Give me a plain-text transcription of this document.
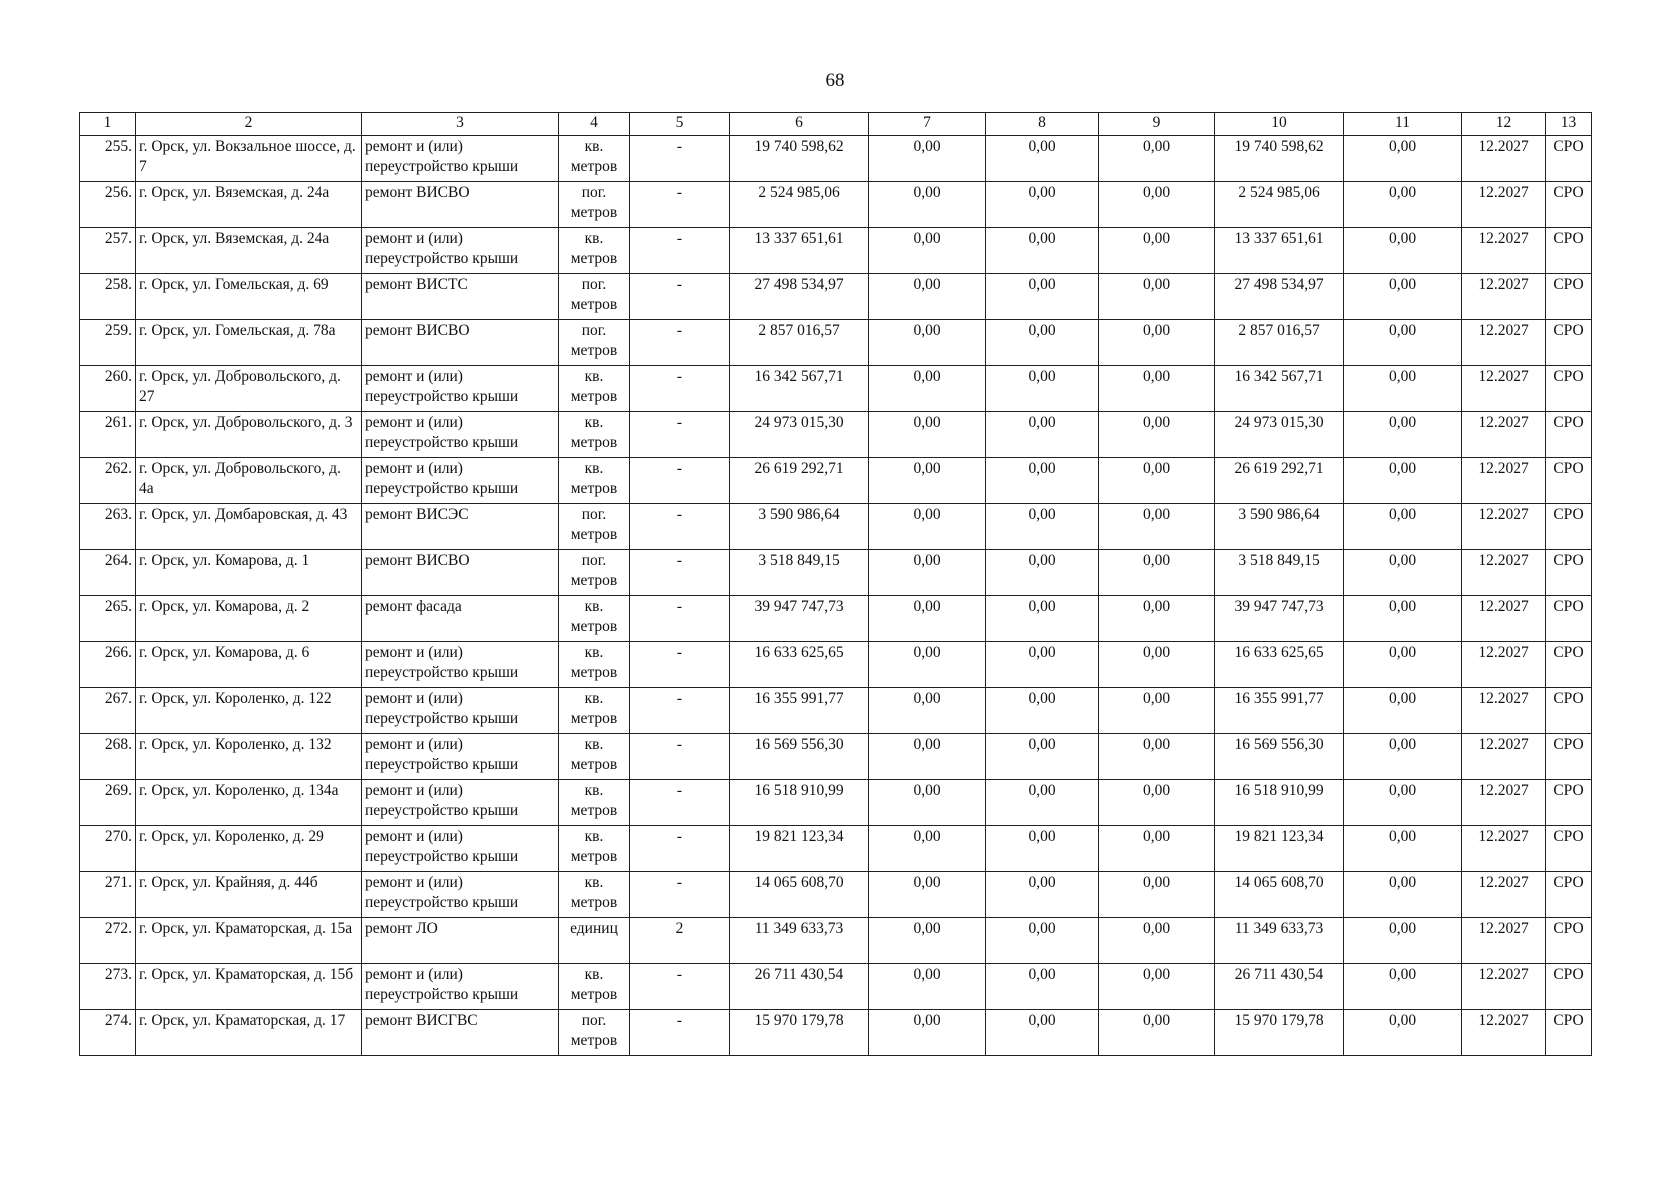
68
1	2	3	4	5	6	7	8	9	10	11	12	13
255.	г. Орск, ул. Вокзальное шоссе, д. 7	ремонт и (или) переустройство крыши	кв. метров	-	19 740 598,62	0,00	0,00	0,00	19 740 598,62	0,00	12.2027	СРО
256.	г. Орск, ул. Вяземская, д. 24а	ремонт ВИСВО	пог. метров	-	2 524 985,06	0,00	0,00	0,00	2 524 985,06	0,00	12.2027	СРО
257.	г. Орск, ул. Вяземская, д. 24а	ремонт и (или) переустройство крыши	кв. метров	-	13 337 651,61	0,00	0,00	0,00	13 337 651,61	0,00	12.2027	СРО
258.	г. Орск, ул. Гомельская, д. 69	ремонт ВИСТС	пог. метров	-	27 498 534,97	0,00	0,00	0,00	27 498 534,97	0,00	12.2027	СРО
259.	г. Орск, ул. Гомельская, д. 78а	ремонт ВИСВО	пог. метров	-	2 857 016,57	0,00	0,00	0,00	2 857 016,57	0,00	12.2027	СРО
260.	г. Орск, ул. Добровольского, д. 27	ремонт и (или) переустройство крыши	кв. метров	-	16 342 567,71	0,00	0,00	0,00	16 342 567,71	0,00	12.2027	СРО
261.	г. Орск, ул. Добровольского, д. 3	ремонт и (или) переустройство крыши	кв. метров	-	24 973 015,30	0,00	0,00	0,00	24 973 015,30	0,00	12.2027	СРО
262.	г. Орск, ул. Добровольского, д. 4а	ремонт и (или) переустройство крыши	кв. метров	-	26 619 292,71	0,00	0,00	0,00	26 619 292,71	0,00	12.2027	СРО
263.	г. Орск, ул. Домбаровская, д. 43	ремонт ВИСЭС	пог. метров	-	3 590 986,64	0,00	0,00	0,00	3 590 986,64	0,00	12.2027	СРО
264.	г. Орск, ул. Комарова, д. 1	ремонт ВИСВО	пог. метров	-	3 518 849,15	0,00	0,00	0,00	3 518 849,15	0,00	12.2027	СРО
265.	г. Орск, ул. Комарова, д. 2	ремонт фасада	кв. метров	-	39 947 747,73	0,00	0,00	0,00	39 947 747,73	0,00	12.2027	СРО
266.	г. Орск, ул. Комарова, д. 6	ремонт и (или) переустройство крыши	кв. метров	-	16 633 625,65	0,00	0,00	0,00	16 633 625,65	0,00	12.2027	СРО
267.	г. Орск, ул. Короленко, д. 122	ремонт и (или) переустройство крыши	кв. метров	-	16 355 991,77	0,00	0,00	0,00	16 355 991,77	0,00	12.2027	СРО
268.	г. Орск, ул. Короленко, д. 132	ремонт и (или) переустройство крыши	кв. метров	-	16 569 556,30	0,00	0,00	0,00	16 569 556,30	0,00	12.2027	СРО
269.	г. Орск, ул. Короленко, д. 134а	ремонт и (или) переустройство крыши	кв. метров	-	16 518 910,99	0,00	0,00	0,00	16 518 910,99	0,00	12.2027	СРО
270.	г. Орск, ул. Короленко, д. 29	ремонт и (или) переустройство крыши	кв. метров	-	19 821 123,34	0,00	0,00	0,00	19 821 123,34	0,00	12.2027	СРО
271.	г. Орск, ул. Крайняя, д. 44б	ремонт и (или) переустройство крыши	кв. метров	-	14 065 608,70	0,00	0,00	0,00	14 065 608,70	0,00	12.2027	СРО
272.	г. Орск, ул. Краматорская, д. 15а	ремонт ЛО	единиц	2	11 349 633,73	0,00	0,00	0,00	11 349 633,73	0,00	12.2027	СРО
273.	г. Орск, ул. Краматорская, д. 15б	ремонт и (или) переустройство крыши	кв. метров	-	26 711 430,54	0,00	0,00	0,00	26 711 430,54	0,00	12.2027	СРО
274.	г. Орск, ул. Краматорская, д. 17	ремонт ВИСГВС	пог. метров	-	15 970 179,78	0,00	0,00	0,00	15 970 179,78	0,00	12.2027	СРО
